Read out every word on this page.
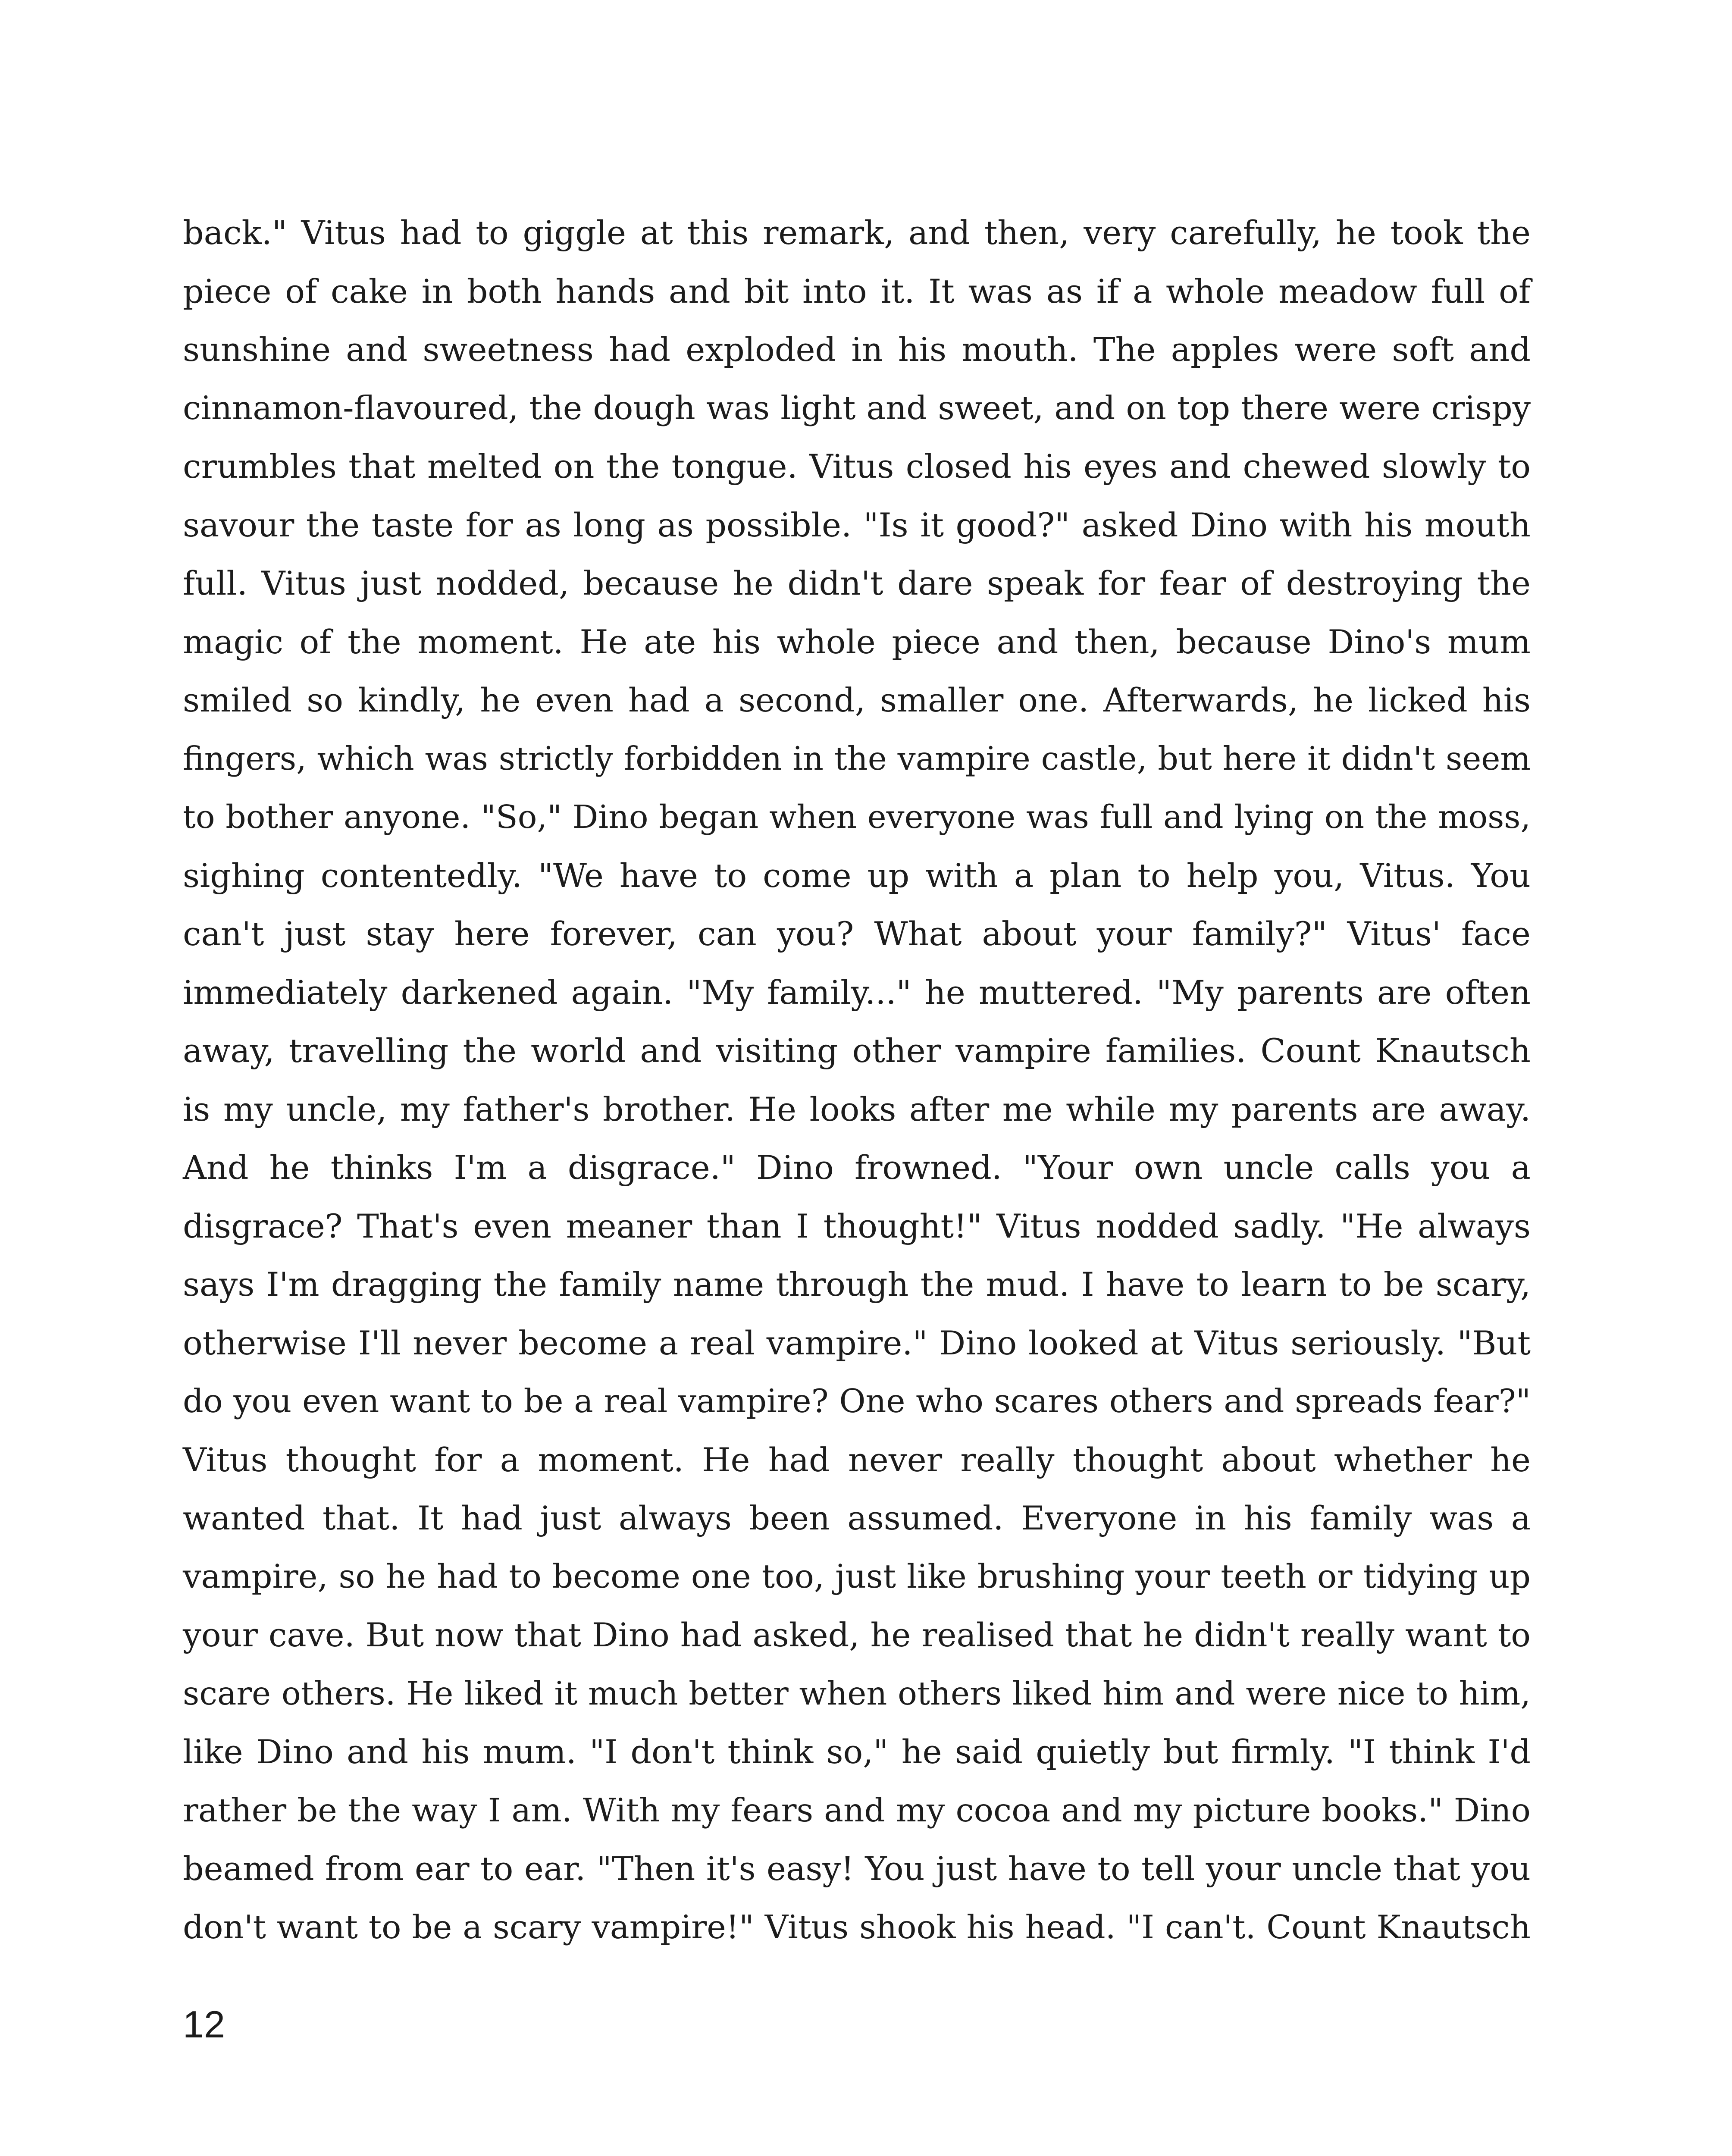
back." Vitus had to giggle at this remark, and then, very carefully, he took the
piece of cake in both hands and bit into it. It was as if a whole meadow full of
sunshine and sweetness had exploded in his mouth. The apples were soft and
cinnamon-flavoured, the dough was light and sweet, and on top there were crispy
crumbles that melted on the tongue. Vitus closed his eyes and chewed slowly to
savour the taste for as long as possible. "Is it good?" asked Dino with his mouth
full. Vitus just nodded, because he didn't dare speak for fear of destroying the
magic of the moment. He ate his whole piece and then, because Dino's mum
smiled so kindly, he even had a second, smaller one. Afterwards, he licked his
fingers, which was strictly forbidden in the vampire castle, but here it didn't seem
to bother anyone. "So," Dino began when everyone was full and lying on the moss,
sighing contentedly. "We have to come up with a plan to help you, Vitus. You
can't just stay here forever, can you? What about your family?" Vitus' face
immediately darkened again. "My family..." he muttered. "My parents are often
away, travelling the world and visiting other vampire families. Count Knautsch
is my uncle, my father's brother. He looks after me while my parents are away.
And he thinks I'm a disgrace." Dino frowned. "Your own uncle calls you a
disgrace? That's even meaner than I thought!" Vitus nodded sadly. "He always
says I'm dragging the family name through the mud. I have to learn to be scary,
otherwise I'll never become a real vampire." Dino looked at Vitus seriously. "But
do you even want to be a real vampire? One who scares others and spreads fear?"
Vitus thought for a moment. He had never really thought about whether he
wanted that. It had just always been assumed. Everyone in his family was a
vampire, so he had to become one too, just like brushing your teeth or tidying up
your cave. But now that Dino had asked, he realised that he didn't really want to
scare others. He liked it much better when others liked him and were nice to him,
like Dino and his mum. "I don't think so," he said quietly but firmly. "I think I'd
rather be the way I am. With my fears and my cocoa and my picture books." Dino
beamed from ear to ear. "Then it's easy! You just have to tell your uncle that you
don't want to be a scary vampire!" Vitus shook his head. "I can't. Count Knautsch
12
